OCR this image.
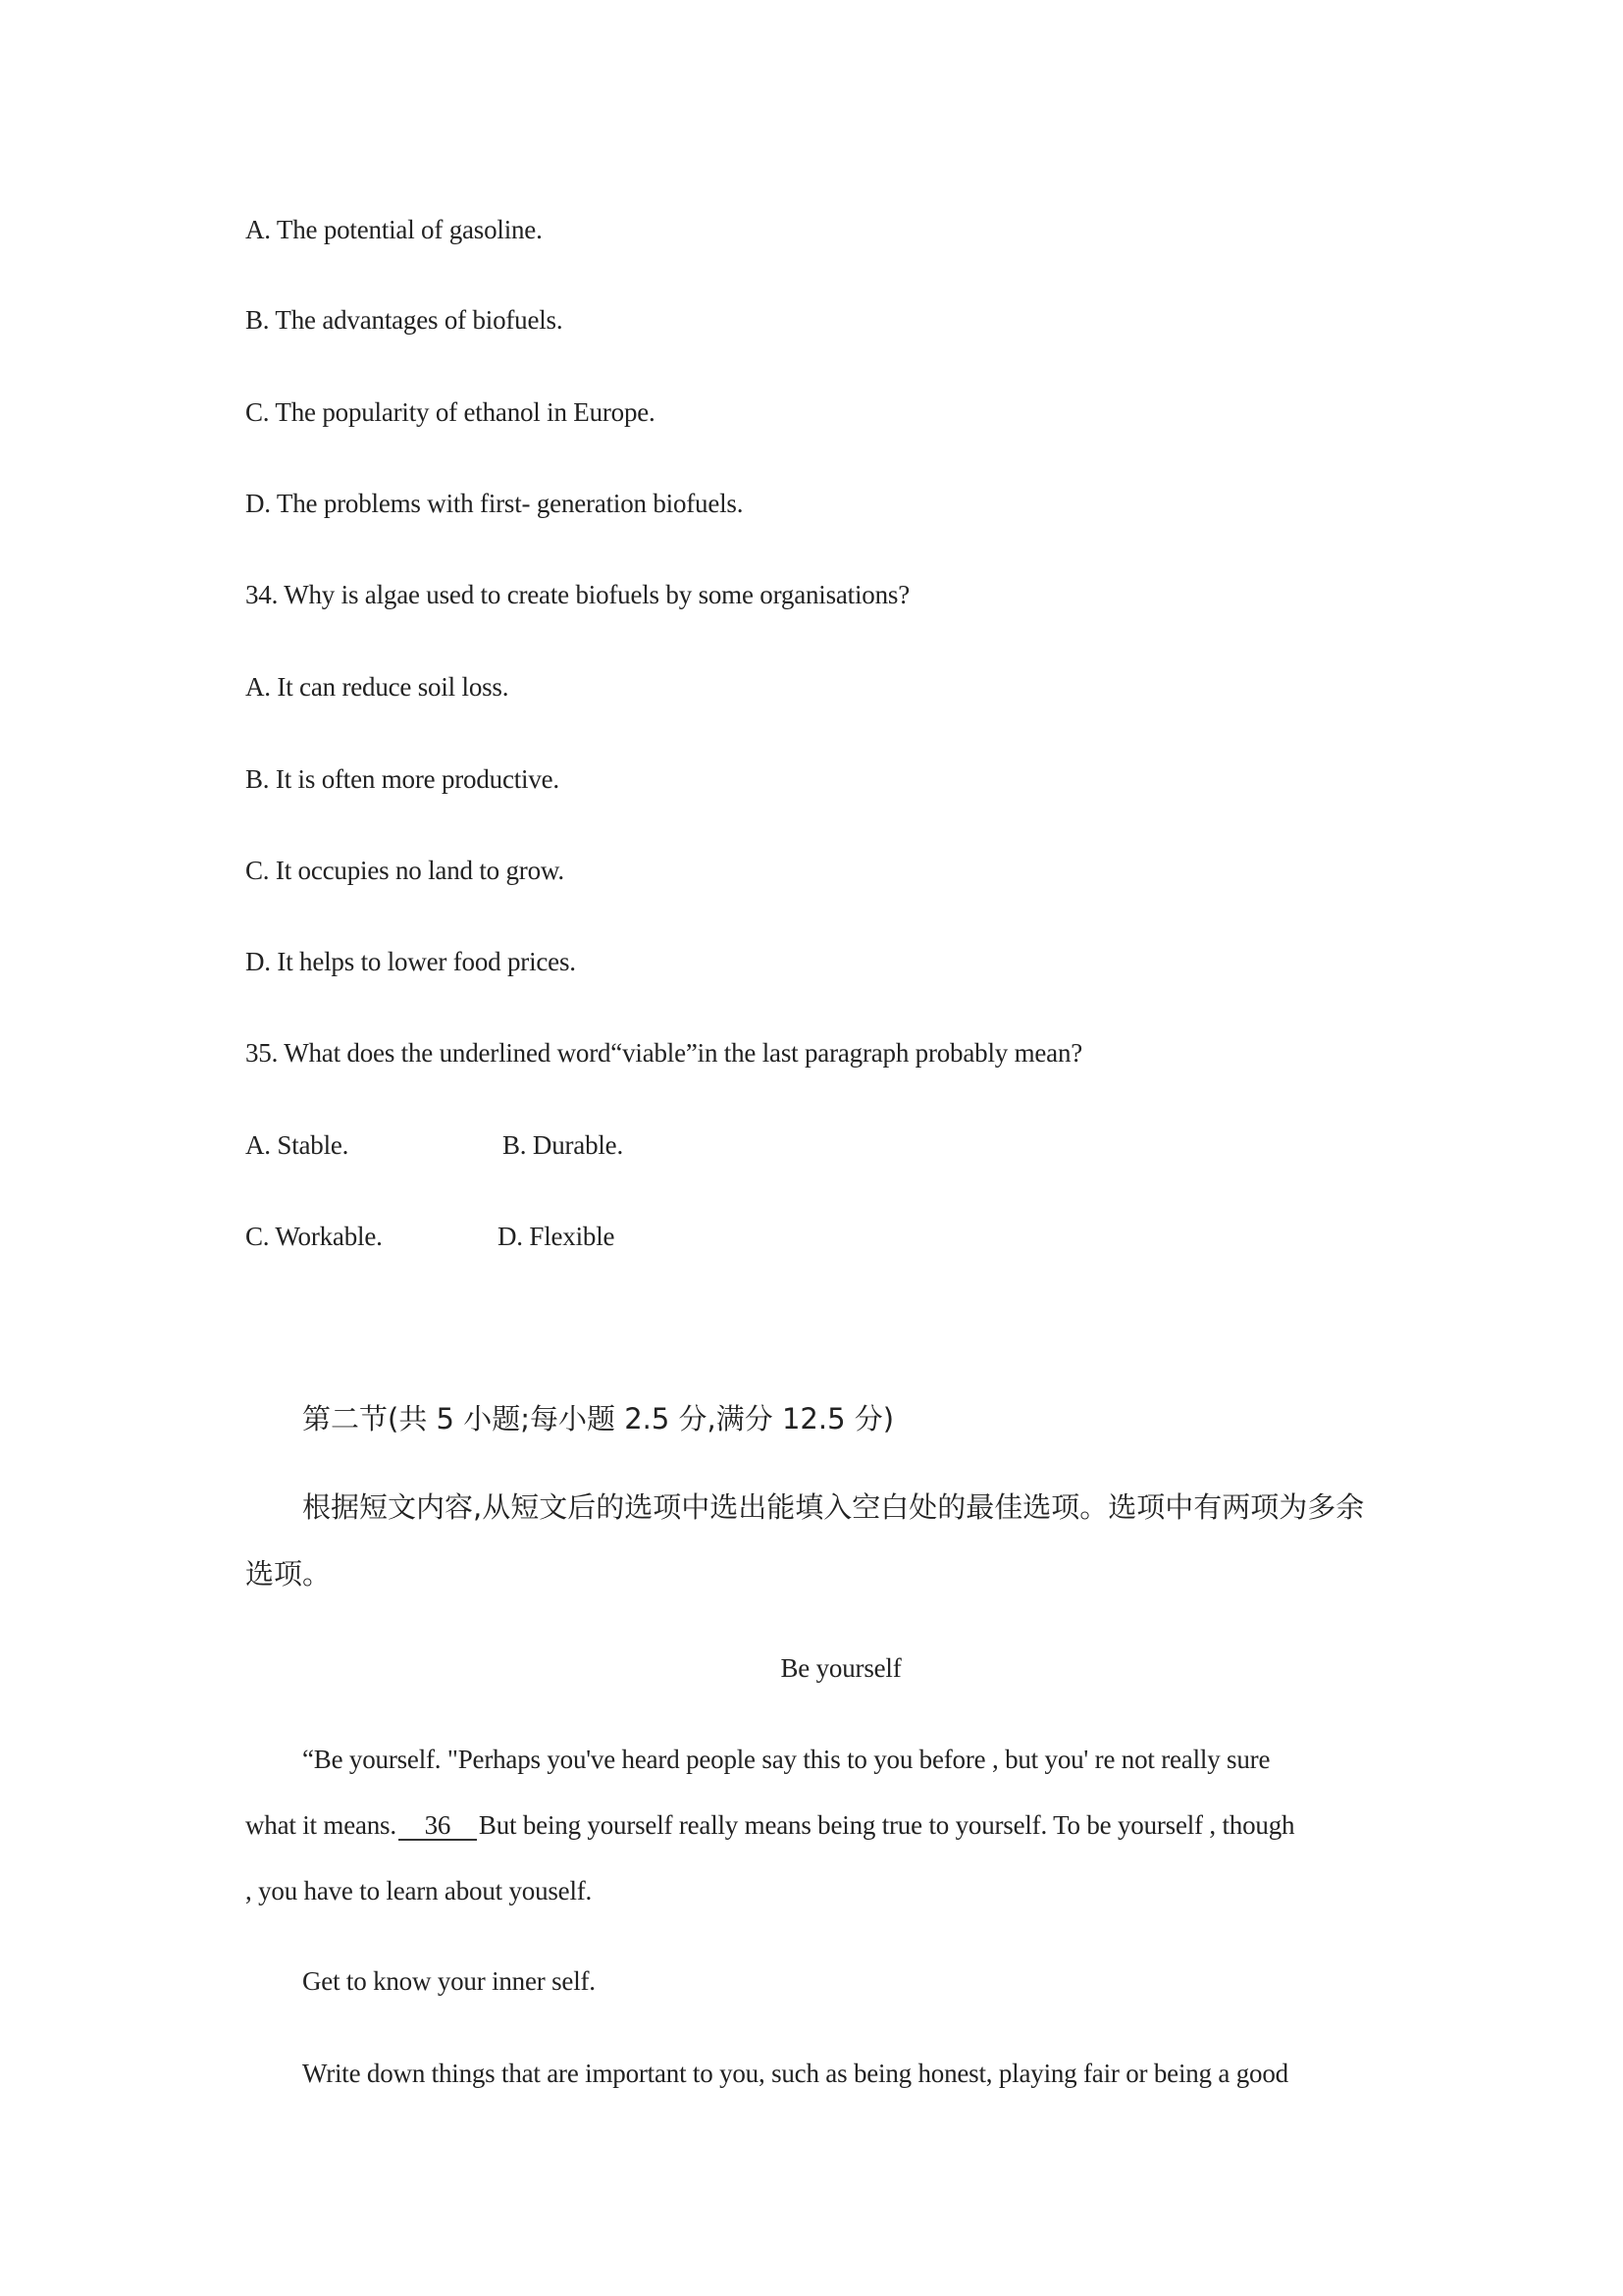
A. The potential of gasoline.
B. The advantages of biofuels.
C. The popularity of ethanol in Europe.
D. The problems with first- generation biofuels.
34. Why is algae used to create biofuels by some organisations?
A. It can reduce soil loss.
B. It is often more productive.
C. It occupies no land to grow.
D. It helps to lower food prices.
35. What does the underlined word“viable”in the last paragraph probably mean?
A. Stable.	B. Durable.
C. Workable.	D. Flexible
第二节(共 5 小题;每小题 2.5 分,满分 12.5 分)
根据短文内容,从短文后的选项中选出能填入空白处的最佳选项。选项中有两项为多余
选项。
Be yourself
“Be yourself. "Perhaps you've heard people say this to you before , but you' re not really sure
what it means. 36 But being yourself really means being true to yourself. To be yourself , though
, you have to learn about youself.
Get to know your inner self.
Write down things that are important to you, such as being honest, playing fair or being a good
